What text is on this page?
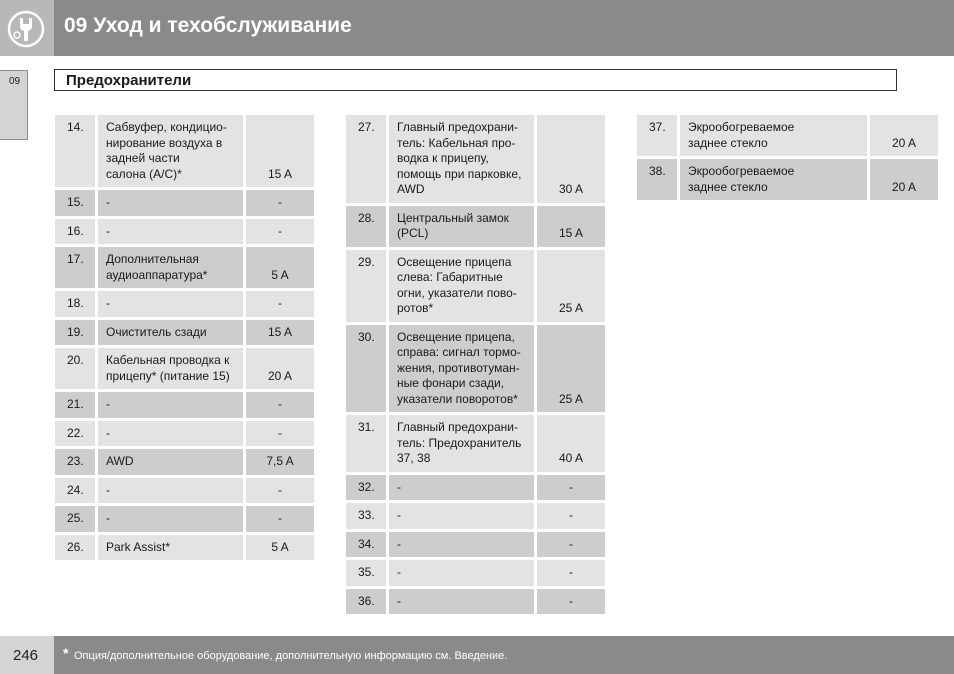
09 Уход и техобслуживание
09	Предохранители
14.	Сабвуфер, кондицио-
нирование воздуха в
задней части
салона (A/C)*	15 A
15.	-	-
16.	-	-
17.	Дополнительная
аудиоаппаратура*	5 A
18.	-	-
19.	Очиститель сзади	15 A
20.	Кабельная проводка к
прицепу* (питание 15)	20 A
21.	-	-
22.	-	-
23.	AWD	7,5 A
24.	-	-
25.	-	-
26.	Park Assist*	5 A
27.	Главный предохрани-
тель: Кабельная про-
водка к прицепу,
помощь при парковке,
AWD	30 A
28.	Центральный замок
(PCL)	15 A
29.	Освещение прицепа
слева: Габаритные
огни, указатели пово-
ротов*	25 A
30.	Освещение прицепа,
справа: сигнал тормо-
жения, противотуман-
ные фонари сзади,
указатели поворотов*	25 A
31.	Главный предохрани-
тель: Предохранитель
37, 38	40 A
32.	-	-
33.	-	-
34.	-	-
35.	-	-
36.	-	-
37.	Экрообогреваемое
заднее стекло	20 A
38.	Экрообогреваемое
заднее стекло	20 A
246 * Опция/дополнительное оборудование, дополнительную информацию см. Введение.
